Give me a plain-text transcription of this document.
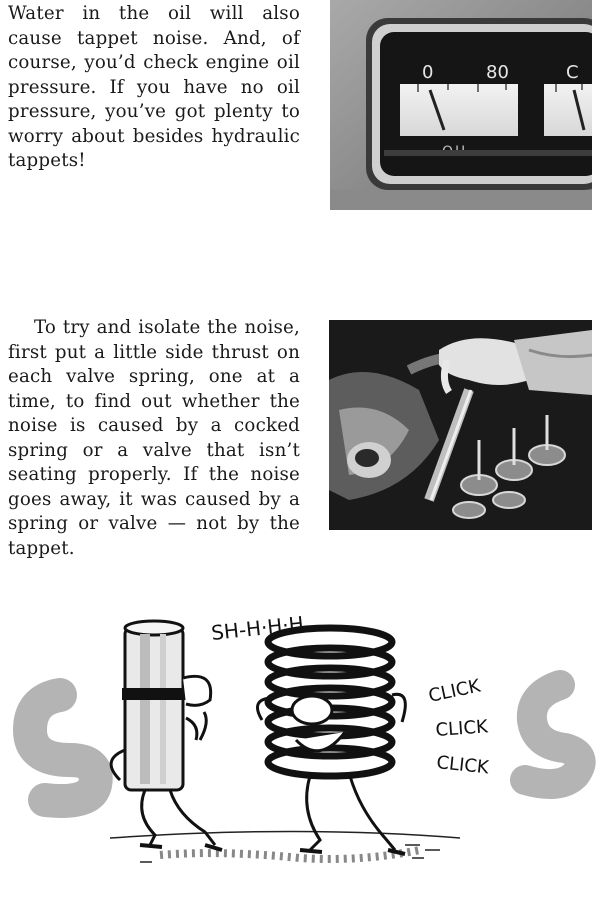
Water in the oil will also
cause tappet noise. And, of
course, you’d check engine oil
pressure. If you have no oil
pressure, you’ve got plenty to
worry about besides hydraulic
tappets!
0	80	C
To try and isolate the noise,
first put a little side thrust on
each valve spring, one at a
time, to find out whether the
noise is caused by a cocked
spring or a valve that isn’t
seating properly. If the noise
goes away, it was caused by a
spring or valve — not by the
tappet.
SH-H·H·H
CLICK
CLICK
CLICK
